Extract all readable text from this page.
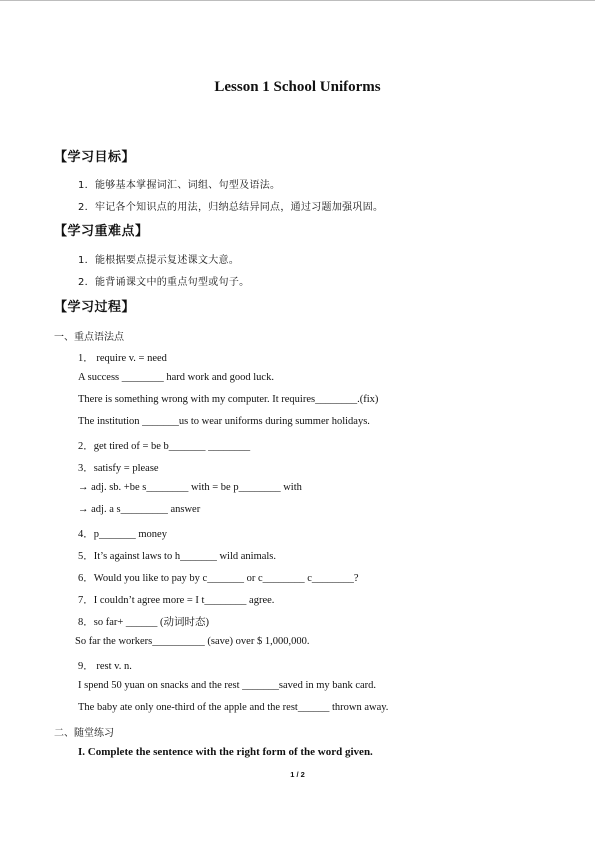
Lesson 1 School Uniforms
【学习目标】
1．能够基本掌握词汇、词组、句型及语法。
2．牢记各个知识点的用法，归纳总结异同点，通过习题加强巩固。
【学习重难点】
1．能根据要点提示复述课文大意。
2．能背诵课文中的重点句型或句子。
【学习过程】
一、重点语法点
1． require v. = need
A success ________ hard work and good luck.
There is something wrong with my computer. It requires________.(fix)
The institution _______us to wear uniforms during summer holidays.
2．get tired of = be b_______ ________
3．satisfy = please
→ adj. sb. +be s________ with = be p________ with
→ adj. a s_________ answer
4．p_______ money
5．It’s against laws to h_______ wild animals.
6．Would you like to pay by c_______ or c________ c________?
7．I couldn’t agree more = I t________ agree.
8．so far+ ______ (动词时态)
So far the workers__________ (save) over $ 1,000,000.
9． rest v. n.
I spend 50 yuan on snacks and the rest _______saved in my bank card.
The baby ate only one-third of the apple and the rest______ thrown away.
二、随堂练习
I. Complete the sentence with the right form of the word given.
1 / 2
